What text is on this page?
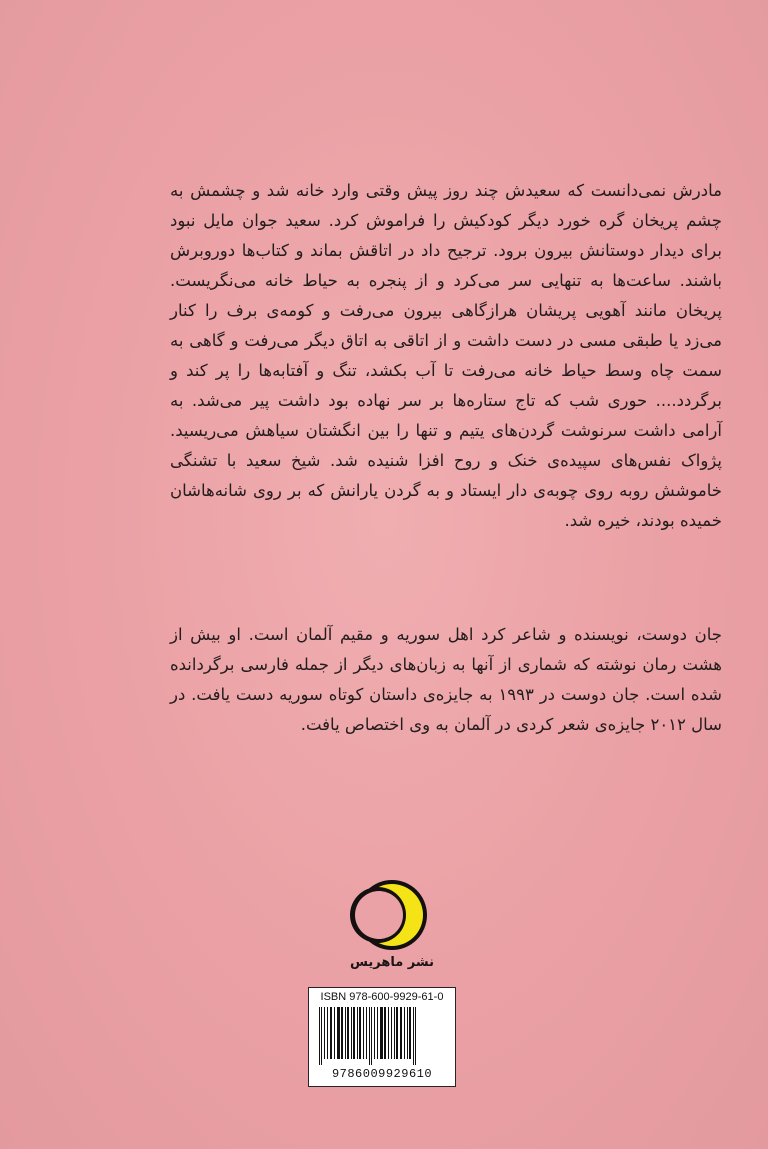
مادرش نمی‌دانست که سعیدش چند روز پیش وقتی وارد خانه شد و چشمش به چشم پریخان گره خورد دیگر کودکیش را فراموش کرد. سعید جوان مایل نبود برای دیدار دوستانش بیرون برود. ترجیح داد در اتاقش بماند و کتاب‌ها دوروبرش باشند. ساعت‌ها به تنهایی سر می‌کرد و از پنجره به حیاط خانه می‌نگریست. پریخان مانند آهویی پریشان هرازگاهی بیرون می‌رفت و کومه‌ی برف را کنار می‌زد یا طبقی مسی در دست داشت و از اتاقی به اتاق دیگر می‌رفت و گاهی به سمت چاه وسط حیاط خانه می‌رفت تا آب بکشد، تنگ و آفتابه‌ها را پر کند و برگردد.... حوری شب که تاج ستاره‌ها بر سر نهاده بود داشت پیر می‌شد. به آرامی داشت سرنوشت گردن‌های یتیم و تنها را بین انگشتان سیاهش می‌ریسید. پژواک نفس‌های سپیده‌ی خنک و روح افزا شنیده شد. شیخ سعید با تشنگی خاموشش روبه روی چوبه‌ی دار ایستاد و به گردن یارانش که بر روی شانه‌هاشان خمیده بودند، خیره شد.

جان دوست، نویسنده و شاعر کرد اهل سوریه و مقیم آلمان است. او بیش از هشت رمان نوشته که شماری از آنها به زبان‌های دیگر از جمله فارسی برگردانده شده است. جان دوست در ۱۹۹۳ به جایزه‌ی داستان کوتاه سوریه دست یافت. در سال ۲۰۱۲ جایزه‌ی شعر کردی در آلمان به وی اختصاص یافت.

نشر ماهریس
ISBN 978-600-9929-61-0
9786009929610
